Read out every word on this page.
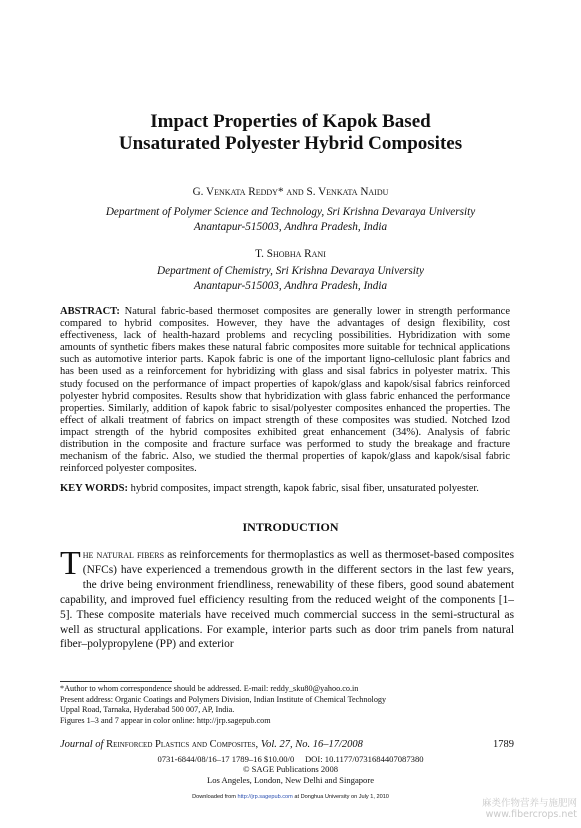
Impact Properties of Kapok Based
Unsaturated Polyester Hybrid Composites
G. Venkata Reddy* and S. Venkata Naidu
Department of Polymer Science and Technology, Sri Krishna Devaraya University
Anantapur-515003, Andhra Pradesh, India
T. Shobha Rani
Department of Chemistry, Sri Krishna Devaraya University
Anantapur-515003, Andhra Pradesh, India
ABSTRACT: Natural fabric-based thermoset composites are generally lower in strength performance compared to hybrid composites. However, they have the advantages of design flexibility, cost effectiveness, lack of health-hazard problems and recycling possibilities. Hybridization with some amounts of synthetic fibers makes these natural fabric composites more suitable for technical applications such as automotive interior parts. Kapok fabric is one of the important ligno-cellulosic plant fabrics and has been used as a reinforcement for hybridizing with glass and sisal fabrics in polyester matrix. This study focused on the performance of impact properties of kapok/glass and kapok/sisal fabrics reinforced polyester hybrid composites. Results show that hybridization with glass fabric enhanced the performance properties. Similarly, addition of kapok fabric to sisal/polyester composites enhanced the properties. The effect of alkali treatment of fabrics on impact strength of these composites was studied. Notched Izod impact strength of the hybrid composites exhibited great enhancement (34%). Analysis of fabric distribution in the composite and fracture surface was performed to study the breakage and fracture mechanism of the fabric. Also, we studied the thermal properties of kapok/glass and kapok/sisal fabric reinforced polyester composites.
KEY WORDS: hybrid composites, impact strength, kapok fabric, sisal fiber, unsaturated polyester.
INTRODUCTION
The natural fibers as reinforcements for thermoplastics as well as thermoset-based composites (NFCs) have experienced a tremendous growth in the different sectors in the last few years, the drive being environment friendliness, renewability of these fibers, good sound abatement capability, and improved fuel efficiency resulting from the reduced weight of the components [1–5]. These composite materials have received much commercial success in the semi-structural as well as structural applications. For example, interior parts such as door trim panels from natural fiber–polypropylene (PP) and exterior
*Author to whom correspondence should be addressed. E-mail: reddy_sku80@yahoo.co.in
Present address: Organic Coatings and Polymers Division, Indian Institute of Chemical Technology
Uppal Road, Tarnaka, Hyderabad 500 007, AP, India.
Figures 1–3 and 7 appear in color online: http://jrp.sagepub.com
Journal of Reinforced Plastics and Composites, Vol. 27, No. 16–17/2008	1789
0731-6844/08/16–17 1789–16 $10.00/0     DOI: 10.1177/0731684407087380
© SAGE Publications 2008
Los Angeles, London, New Delhi and Singapore
Downloaded from http://jrp.sagepub.com at Donghua University on July 1, 2010
麻类作物营养与施肥网
www.fibercrops.net
